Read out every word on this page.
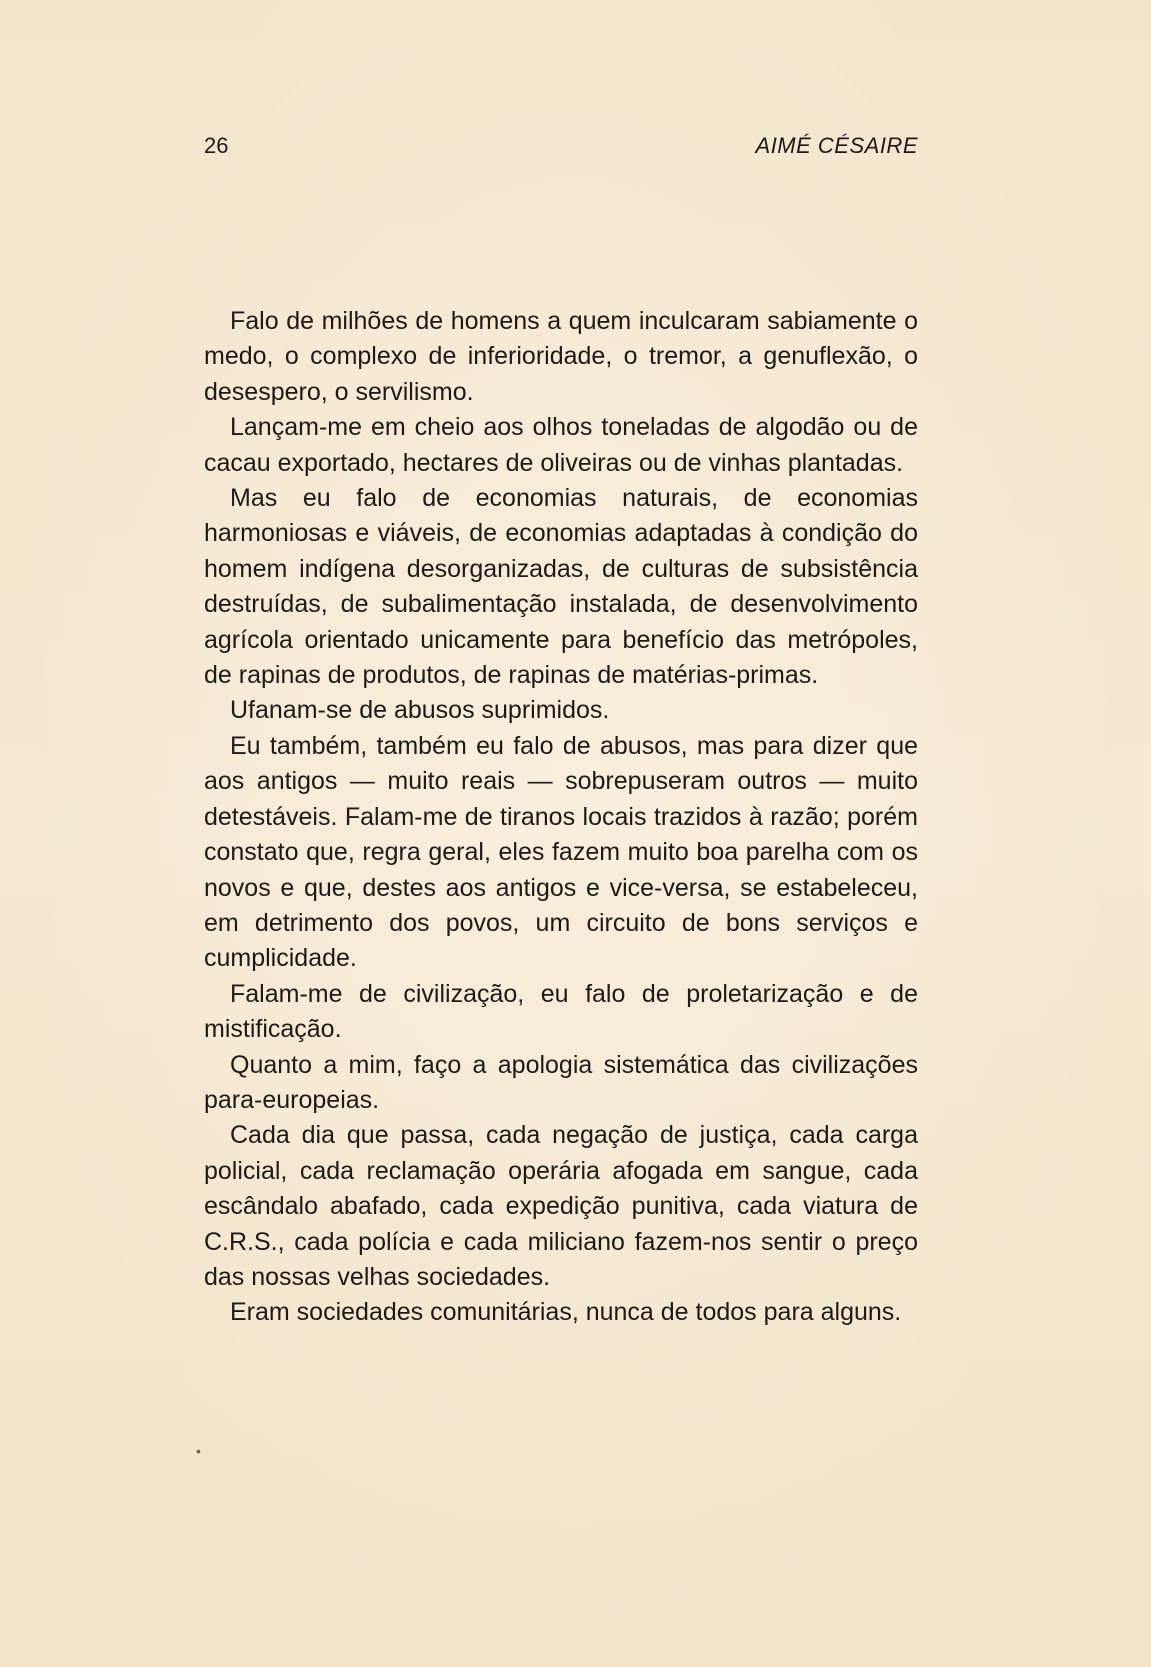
26	AIMÉ CÉSAIRE

Falo de milhões de homens a quem inculcaram sabiamente o medo, o complexo de inferioridade, o tremor, a genuflexão, o desespero, o servilismo.

Lançam-me em cheio aos olhos toneladas de algodão ou de cacau exportado, hectares de oliveiras ou de vinhas plantadas.

Mas eu falo de economias naturais, de economias harmoniosas e viáveis, de economias adaptadas à condição do homem indígena desorganizadas, de culturas de subsistência destruídas, de subalimentação instalada, de desenvolvimento agrícola orientado unicamente para benefício das metrópoles, de rapinas de produtos, de rapinas de matérias-primas.

Ufanam-se de abusos suprimidos.

Eu também, também eu falo de abusos, mas para dizer que aos antigos — muito reais — sobrepuseram outros — muito detestáveis. Falam-me de tiranos locais trazidos à razão; porém constato que, regra geral, eles fazem muito boa parelha com os novos e que, destes aos antigos e vice-versa, se estabeleceu, em detrimento dos povos, um circuito de bons serviços e cumplicidade.

Falam-me de civilização, eu falo de proletarização e de mistificação.

Quanto a mim, faço a apologia sistemática das civilizações para-europeias.

Cada dia que passa, cada negação de justiça, cada carga policial, cada reclamação operária afogada em sangue, cada escândalo abafado, cada expedição punitiva, cada viatura de C.R.S., cada polícia e cada miliciano fazem-nos sentir o preço das nossas velhas sociedades.

Eram sociedades comunitárias, nunca de todos para alguns.

•
